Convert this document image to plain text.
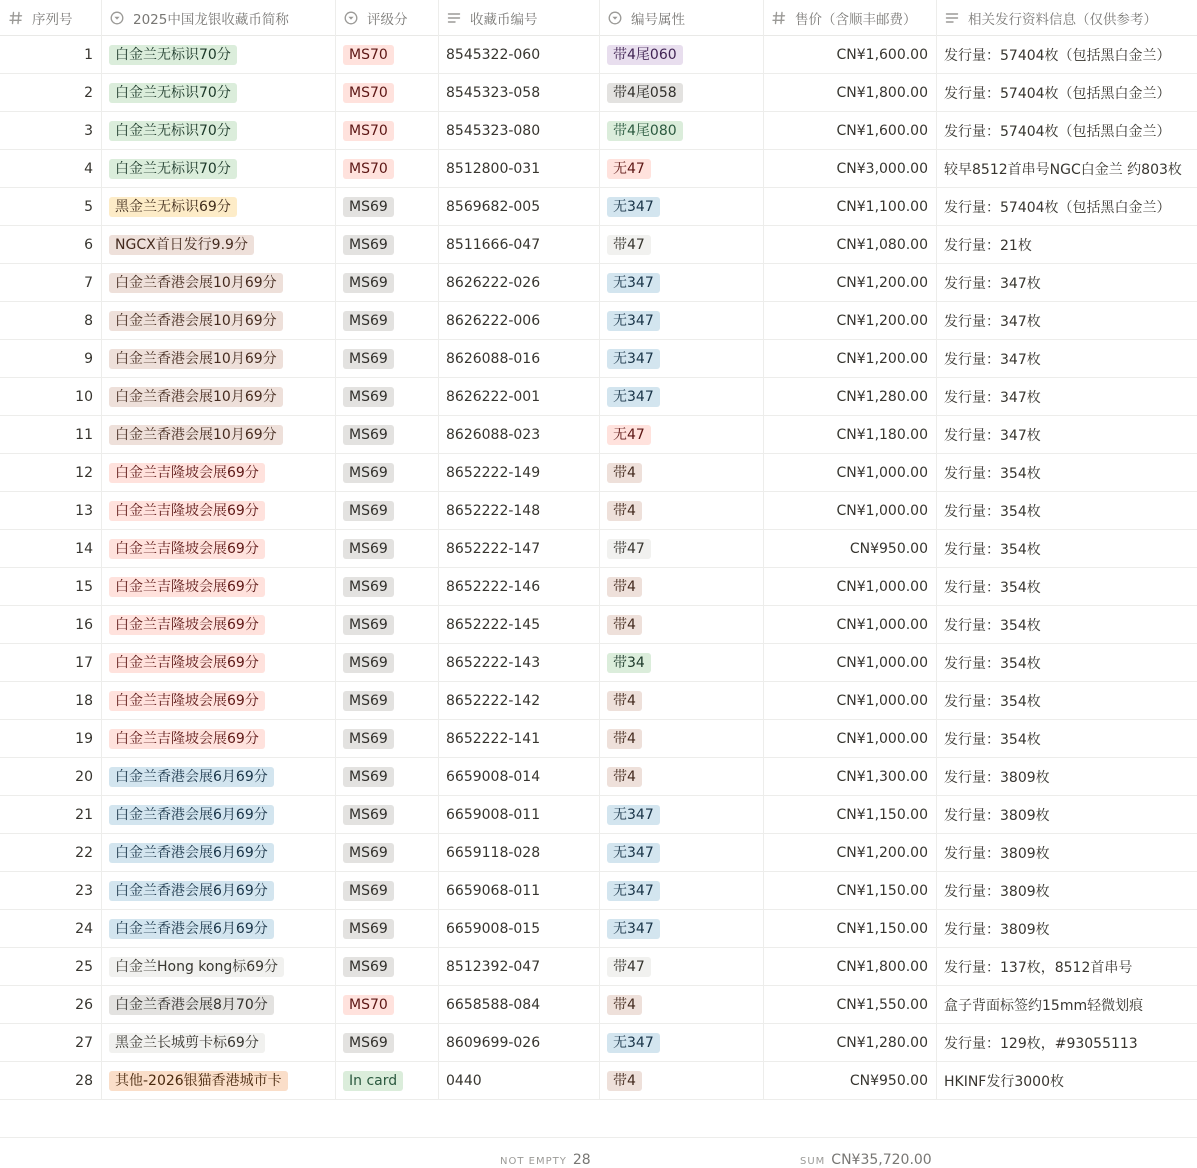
序列号	2025中国龙银收藏币简称	评级分	收藏币编号	编号属性	售价（含顺丰邮费）	相关发行资料信息（仅供参考）
1	白金兰无标识70分	MS70	8545322-060	带4尾060	CN¥1,600.00 发行量：57404枚（包括黑白金兰）
2	白金兰无标识70分	MS70	8545323-058	带4尾058	CN¥1,800.00 发行量：57404枚（包括黑白金兰）
3	白金兰无标识70分	MS70	8545323-080	带4尾080	CN¥1,600.00 发行量：57404枚（包括黑白金兰）
4	白金兰无标识70分	MS70	8512800-031	无47	CN¥3,000.00 较早8512首串号NGC白金兰 约803枚
5	黑金兰无标识69分	MS69	8569682-005	无347	CN¥1,100.00 发行量：57404枚（包括黑白金兰）
6	NGCX首日发行9.9分	MS69	8511666-047	带47	CN¥1,080.00 发行量：21枚
7	白金兰香港会展10月69分	MS69	8626222-026	无347	CN¥1,200.00 发行量：347枚
8	白金兰香港会展10月69分	MS69	8626222-006	无347	CN¥1,200.00 发行量：347枚
9	白金兰香港会展10月69分	MS69	8626088-016	无347	CN¥1,200.00 发行量：347枚
10	白金兰香港会展10月69分	MS69	8626222-001	无347	CN¥1,280.00 发行量：347枚
11	白金兰香港会展10月69分	MS69	8626088-023	无47	CN¥1,180.00 发行量：347枚
12	白金兰吉隆坡会展69分	MS69	8652222-149	带4	CN¥1,000.00 发行量：354枚
13	白金兰吉隆坡会展69分	MS69	8652222-148	带4	CN¥1,000.00 发行量：354枚
14	白金兰吉隆坡会展69分	MS69	8652222-147	带47	CN¥950.00 发行量：354枚
15	白金兰吉隆坡会展69分	MS69	8652222-146	带4	CN¥1,000.00 发行量：354枚
16	白金兰吉隆坡会展69分	MS69	8652222-145	带4	CN¥1,000.00 发行量：354枚
17	白金兰吉隆坡会展69分	MS69	8652222-143	带34	CN¥1,000.00 发行量：354枚
18	白金兰吉隆坡会展69分	MS69	8652222-142	带4	CN¥1,000.00 发行量：354枚
19	白金兰吉隆坡会展69分	MS69	8652222-141	带4	CN¥1,000.00 发行量：354枚
20	白金兰香港会展6月69分	MS69	6659008-014	带4	CN¥1,300.00 发行量：3809枚
21	白金兰香港会展6月69分	MS69	6659008-011	无347	CN¥1,150.00 发行量：3809枚
22	白金兰香港会展6月69分	MS69	6659118-028	无347	CN¥1,200.00 发行量：3809枚
23	白金兰香港会展6月69分	MS69	6659068-011	无347	CN¥1,150.00 发行量：3809枚
24	白金兰香港会展6月69分	MS69	6659008-015	无347	CN¥1,150.00 发行量：3809枚
25	白金兰Hong kong标69分	MS69	8512392-047	带47	CN¥1,800.00 发行量：137枚，8512首串号
26	白金兰香港会展8月70分	MS70	6658588-084	带4	CN¥1,550.00 盒子背面标签约15mm轻微划痕
27	黑金兰长城剪卡标69分	MS69	8609699-026	无347	CN¥1,280.00 发行量：129枚，#93055113
28	其他-2026银猫香港城市卡	In card	0440	带4	CN¥950.00 HKINF发行3000枚
NOT EMPTY 28	SUM CN¥35,720.00
